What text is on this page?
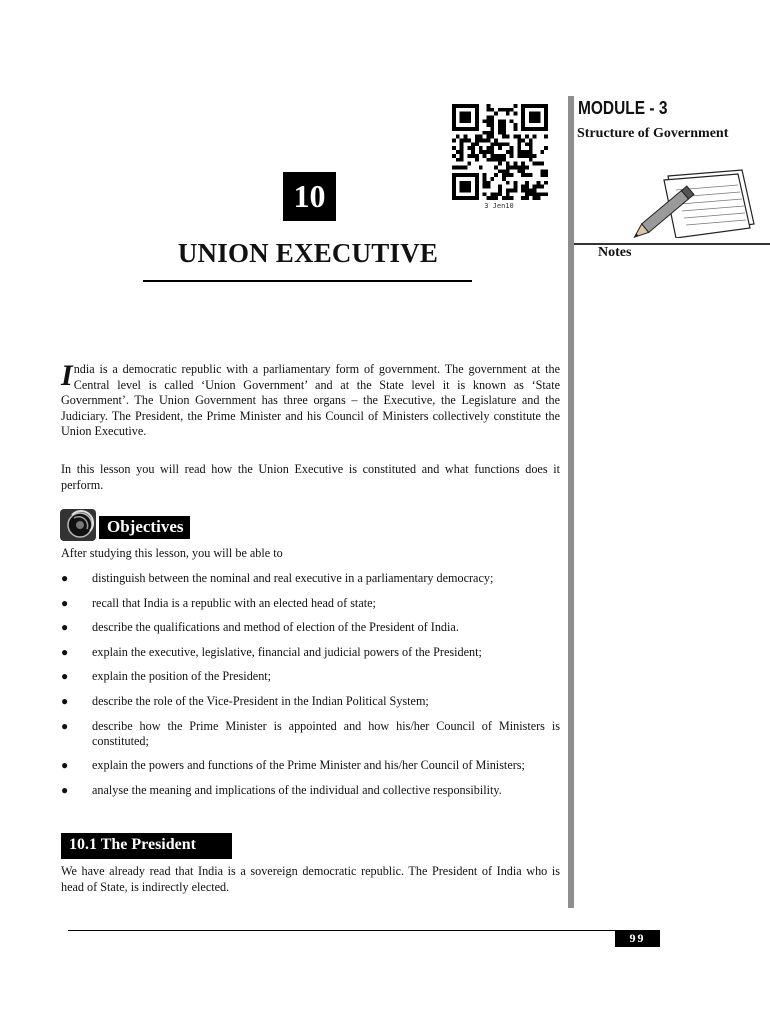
3 Jen10
10
UNION EXECUTIVE
MODULE - 3
Structure of Government
Notes
India is a democratic republic with a parliamentary form of government. The government at the Central level is called ‘Union Government’ and at the State level it is known as ‘State Government’. The Union Government has three organs – the Executive, the Legislature and the Judiciary. The President, the Prime Minister and his Council of Ministers collectively constitute the Union Executive.
In this lesson you will read how the Union Executive is constituted and what functions does it perform.
Objectives
After studying this lesson, you will be able to
● distinguish between the nominal and real executive in a parliamentary democracy;
● recall that India is a republic with an elected head of state;
● describe the qualifications and method of election of the President of India.
● explain the executive, legislative, financial and judicial powers of the President;
● explain the position of the President;
● describe the role of the Vice-President in the Indian Political System;
● describe how the Prime Minister is appointed and how his/her Council of Ministers is constituted;
● explain the powers and functions of the Prime Minister and his/her Council of Ministers;
● analyse the meaning and implications of the individual and collective responsibility.
10.1 The President
We have already read that India is a sovereign democratic republic. The President of India who is head of State, is indirectly elected.
99
